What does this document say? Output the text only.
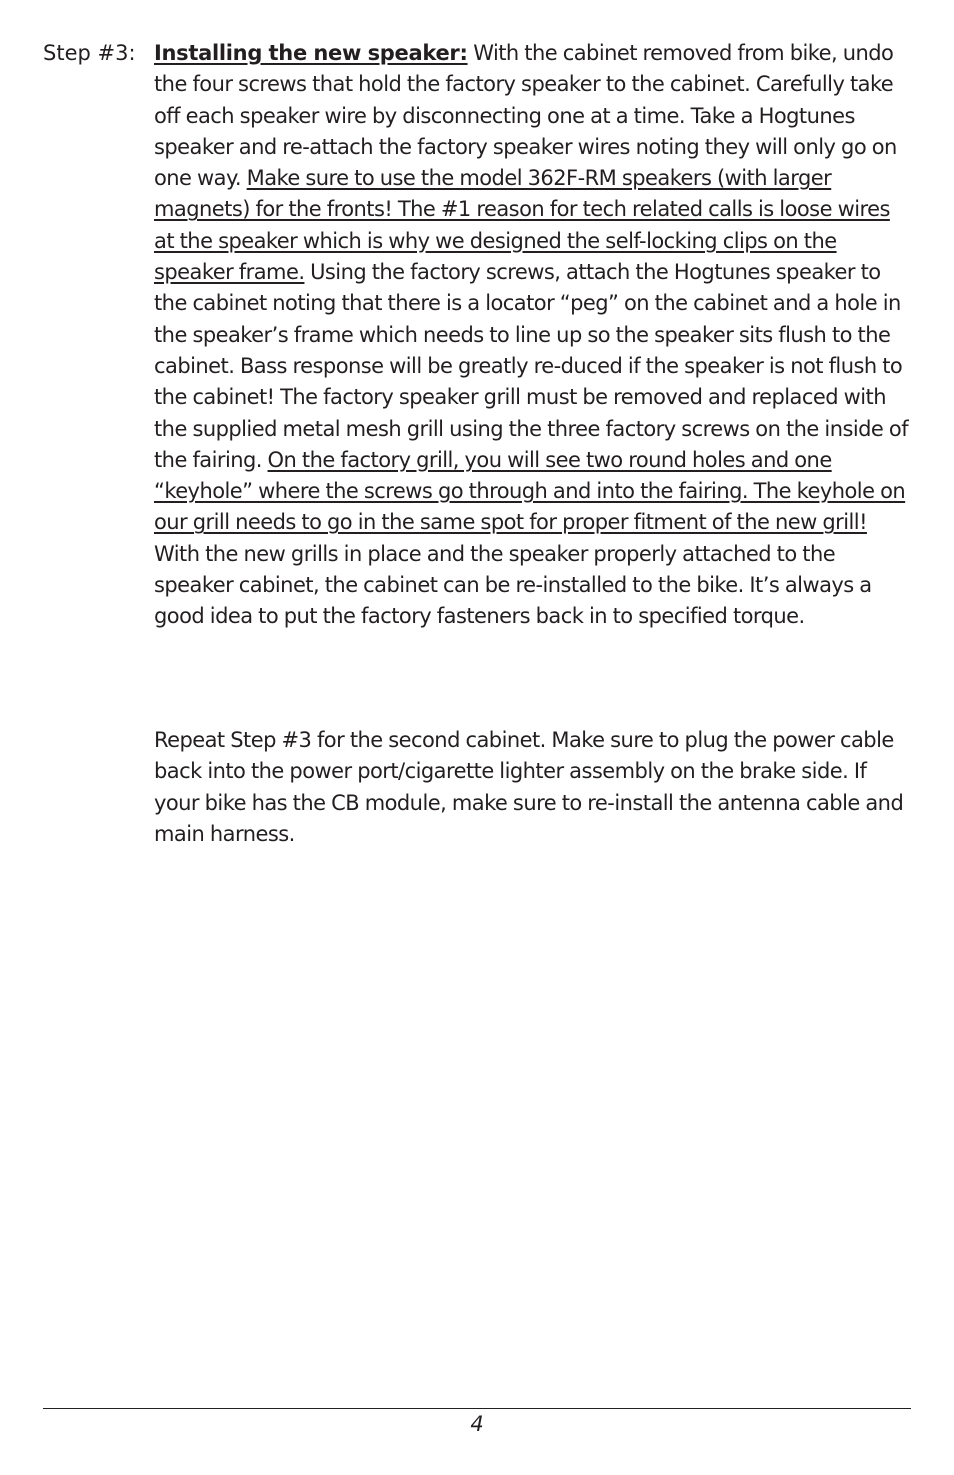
Step #3: Installing the new speaker: With the cabinet removed from bike, undo the four screws that hold the factory speaker to the cabinet. Carefully take off each speaker wire by disconnecting one at a time. Take a Hogtunes speaker and re-attach the factory speaker wires noting they will only go on one way. Make sure to use the model 362F-RM speakers (with larger magnets) for the fronts! The #1 reason for tech related calls is loose wires at the speaker which is why we designed the self-locking clips on the speaker frame. Using the factory screws, attach the Hogtunes speaker to the cabinet noting that there is a locator “peg” on the cabinet and a hole in the speaker’s frame which needs to line up so the speaker sits flush to the cabinet. Bass response will be greatly re-duced if the speaker is not flush to the cabinet! The factory speaker grill must be removed and replaced with the supplied metal mesh grill using the three factory screws on the inside of the fairing. On the factory grill, you will see two round holes and one “keyhole” where the screws go through and into the fairing. The keyhole on our grill needs to go in the same spot for proper fitment of the new grill! With the new grills in place and the speaker properly attached to the speaker cabinet, the cabinet can be re-installed to the bike. It’s always a good idea to put the factory fasteners back in to specified torque.
Repeat Step #3 for the second cabinet. Make sure to plug the power cable back into the power port/cigarette lighter assembly on the brake side. If your bike has the CB module, make sure to re-install the antenna cable and main harness.
4
